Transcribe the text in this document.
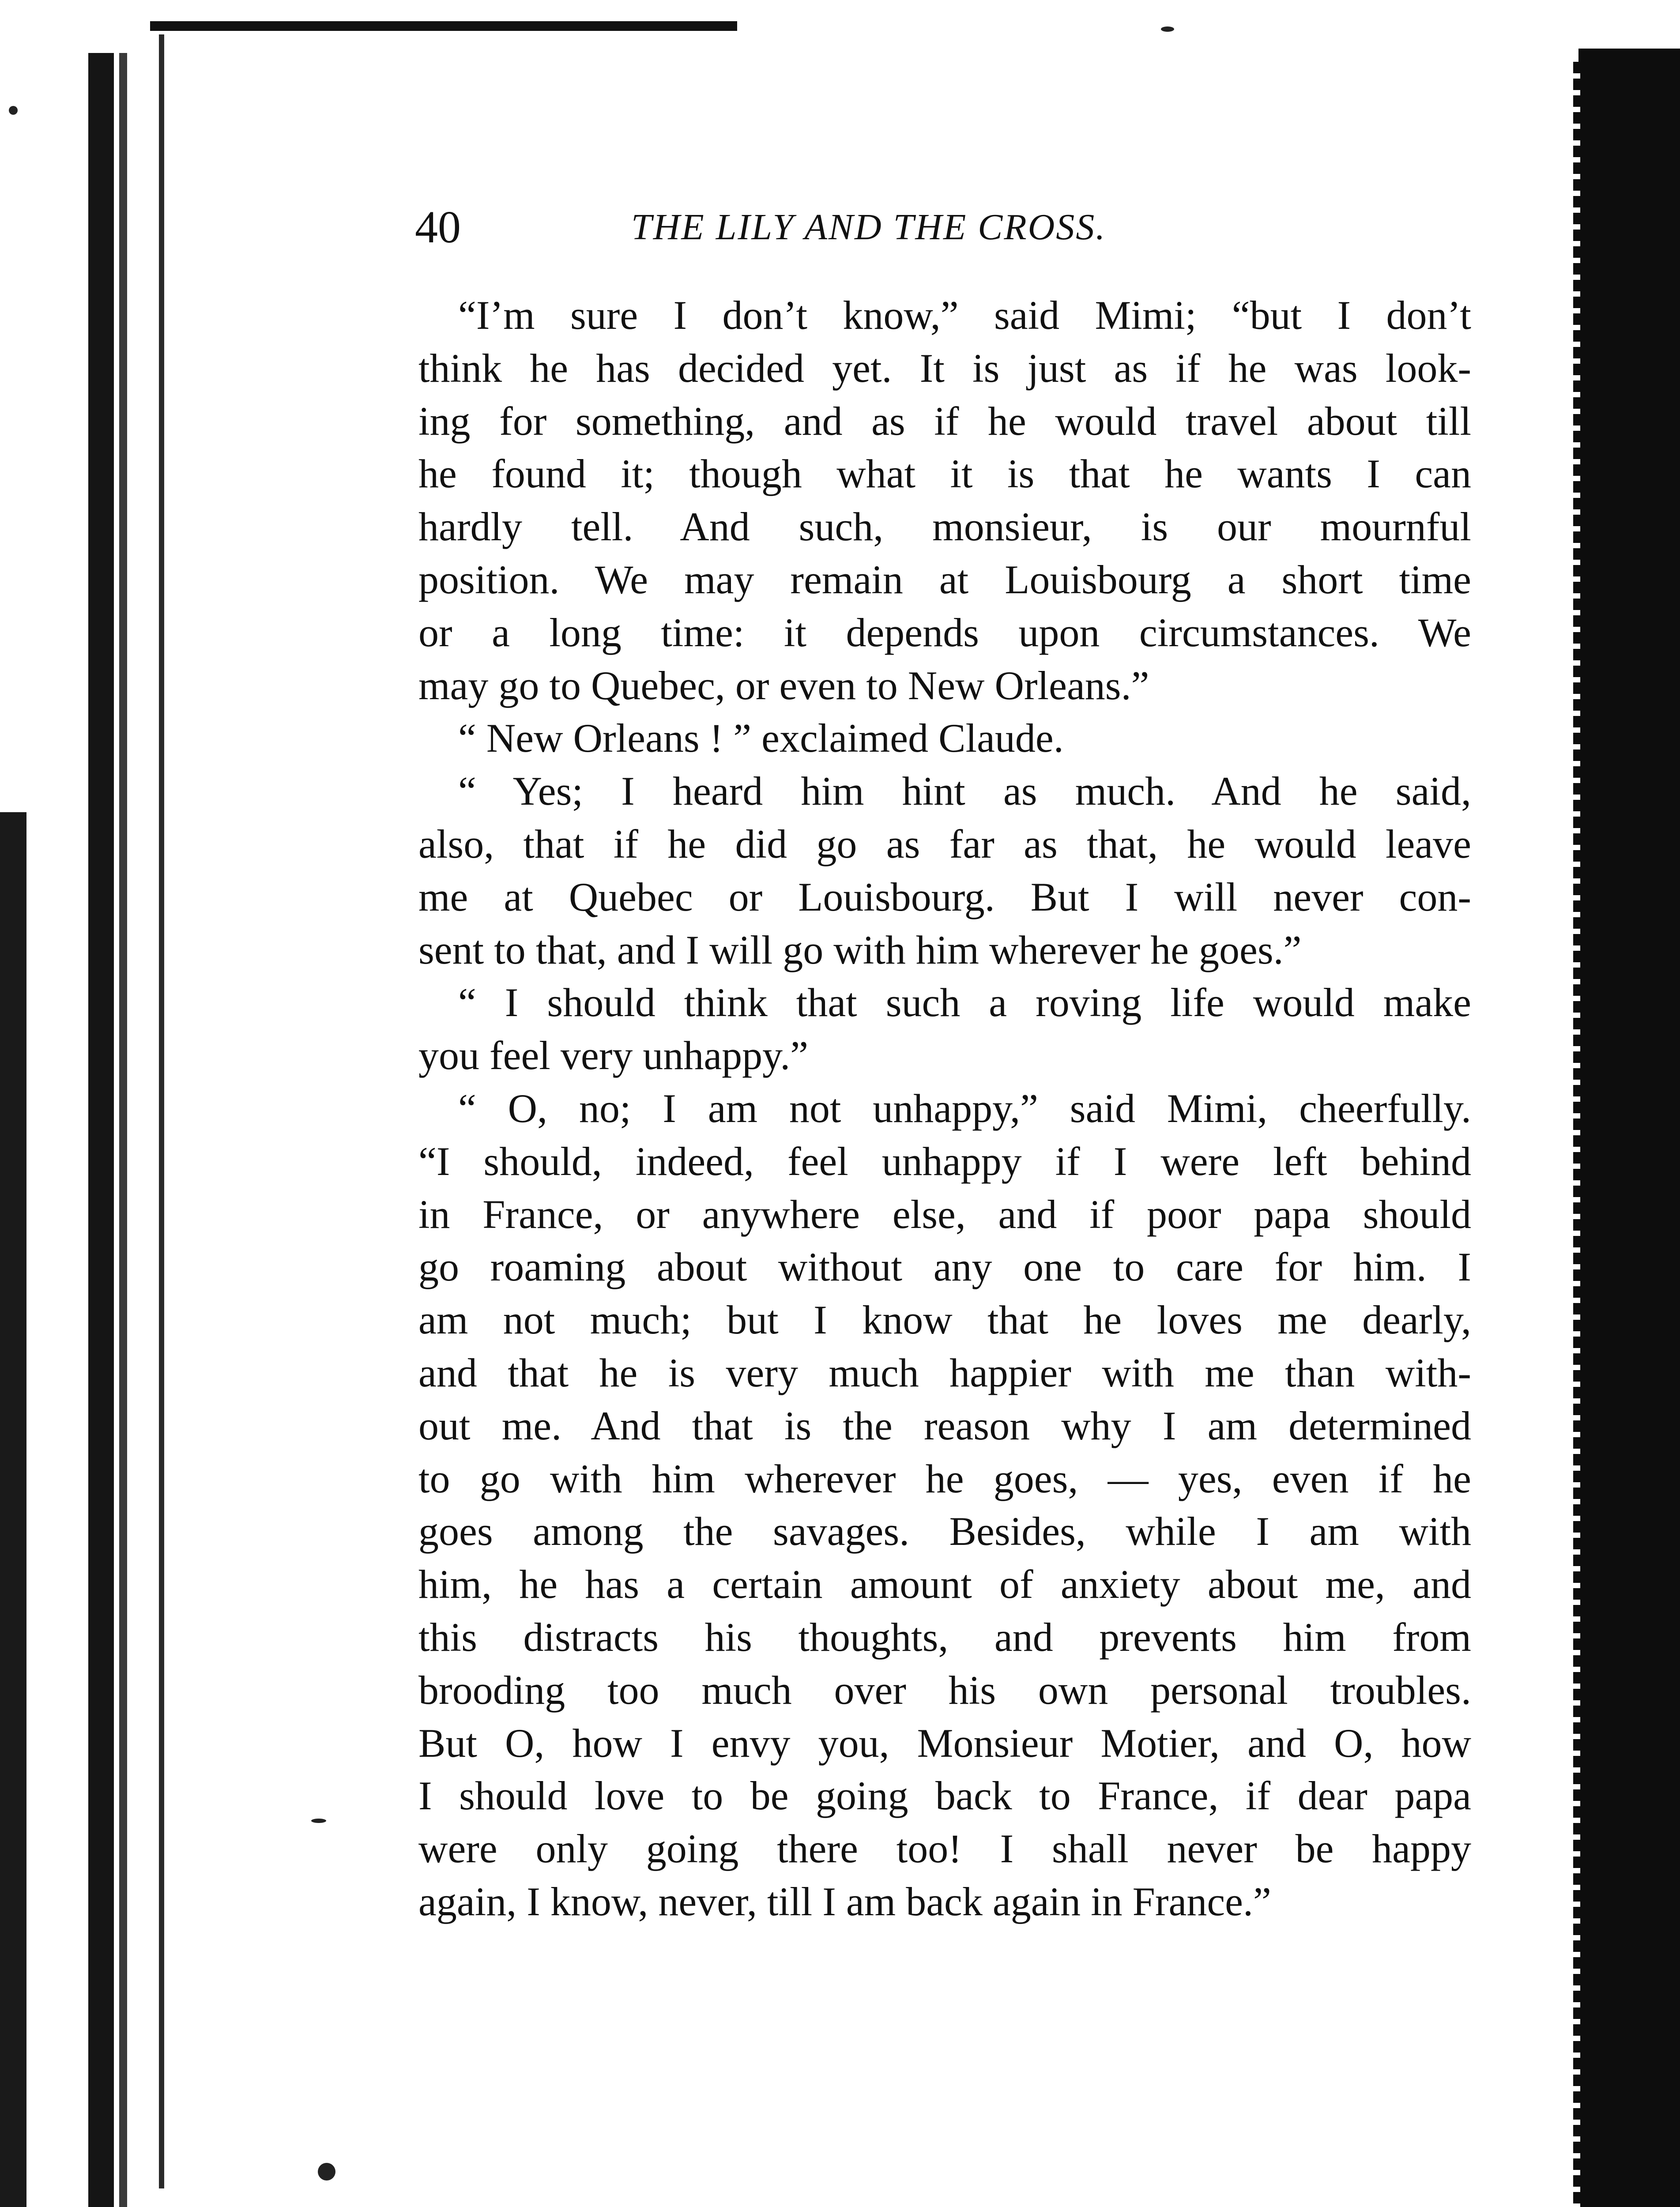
40	THE LILY AND THE CROSS.
“I’m sure I don’t know,” said Mimi; “but I don’t
think he has decided yet. It is just as if he was look-
ing for something, and as if he would travel about till
he found it; though what it is that he wants I can
hardly tell. And such, monsieur, is our mournful
position. We may remain at Louisbourg a short time
or a long time: it depends upon circumstances. We
may go to Quebec, or even to New Orleans.”
“ New Orleans ! ” exclaimed Claude.
“ Yes; I heard him hint as much. And he said,
also, that if he did go as far as that, he would leave
me at Quebec or Louisbourg. But I will never con-
sent to that, and I will go with him wherever he goes.”
“ I should think that such a roving life would make
you feel very unhappy.”
“ O, no; I am not unhappy,” said Mimi, cheerfully.
“I should, indeed, feel unhappy if I were left behind
in France, or anywhere else, and if poor papa should
go roaming about without any one to care for him. I
am not much; but I know that he loves me dearly,
and that he is very much happier with me than with-
out me. And that is the reason why I am determined
to go with him wherever he goes, — yes, even if he
goes among the savages. Besides, while I am with
him, he has a certain amount of anxiety about me, and
this distracts his thoughts, and prevents him from
brooding too much over his own personal troubles.
But O, how I envy you, Monsieur Motier, and O, how
I should love to be going back to France, if dear papa
were only going there too! I shall never be happy
again, I know, never, till I am back again in France.”
